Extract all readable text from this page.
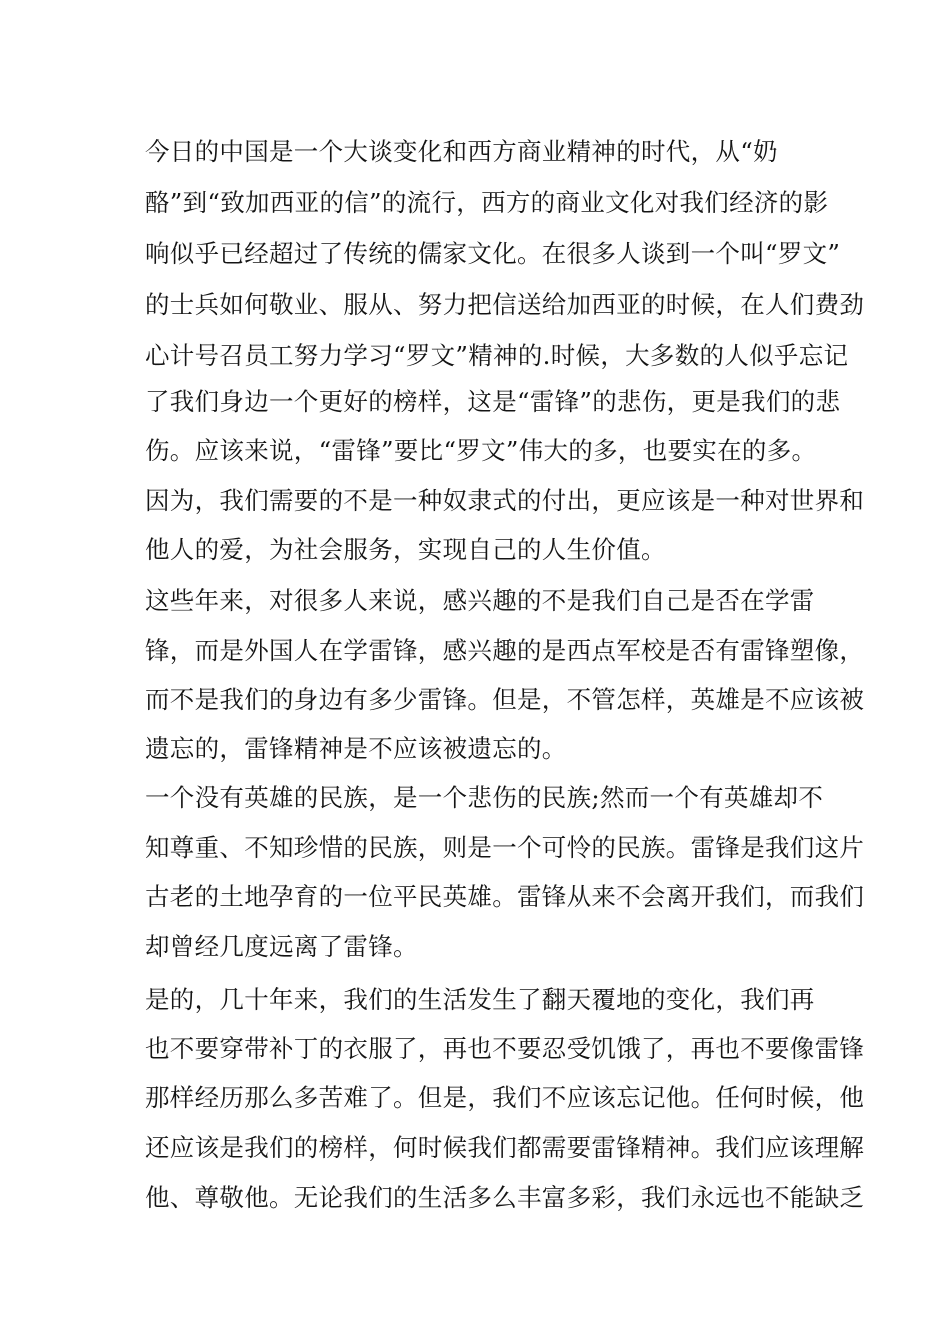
今日的中国是一个大谈变化和西方商业精神的时代，从“奶
酪”到“致加西亚的信”的流行，西方的商业文化对我们经济的影
响似乎已经超过了传统的儒家文化。在很多人谈到一个叫“罗文”
的士兵如何敬业、服从、努力把信送给加西亚的时候，在人们费劲
心计号召员工努力学习“罗文”精神的.时候，大多数的人似乎忘记
了我们身边一个更好的榜样，这是“雷锋”的悲伤，更是我们的悲
伤。应该来说，“雷锋”要比“罗文”伟大的多，也要实在的多。
因为，我们需要的不是一种奴隶式的付出，更应该是一种对世界和
他人的爱，为社会服务，实现自己的人生价值。
这些年来，对很多人来说，感兴趣的不是我们自己是否在学雷
锋，而是外国人在学雷锋，感兴趣的是西点军校是否有雷锋塑像，
而不是我们的身边有多少雷锋。但是，不管怎样，英雄是不应该被
遗忘的，雷锋精神是不应该被遗忘的。
一个没有英雄的民族，是一个悲伤的民族;然而一个有英雄却不
知尊重、不知珍惜的民族，则是一个可怜的民族。雷锋是我们这片
古老的土地孕育的一位平民英雄。雷锋从来不会离开我们，而我们
却曾经几度远离了雷锋。
是的，几十年来，我们的生活发生了翻天覆地的变化，我们再
也不要穿带补丁的衣服了，再也不要忍受饥饿了，再也不要像雷锋
那样经历那么多苦难了。但是，我们不应该忘记他。任何时候，他
还应该是我们的榜样，何时候我们都需要雷锋精神。我们应该理解
他、尊敬他。无论我们的生活多么丰富多彩，我们永远也不能缺乏
